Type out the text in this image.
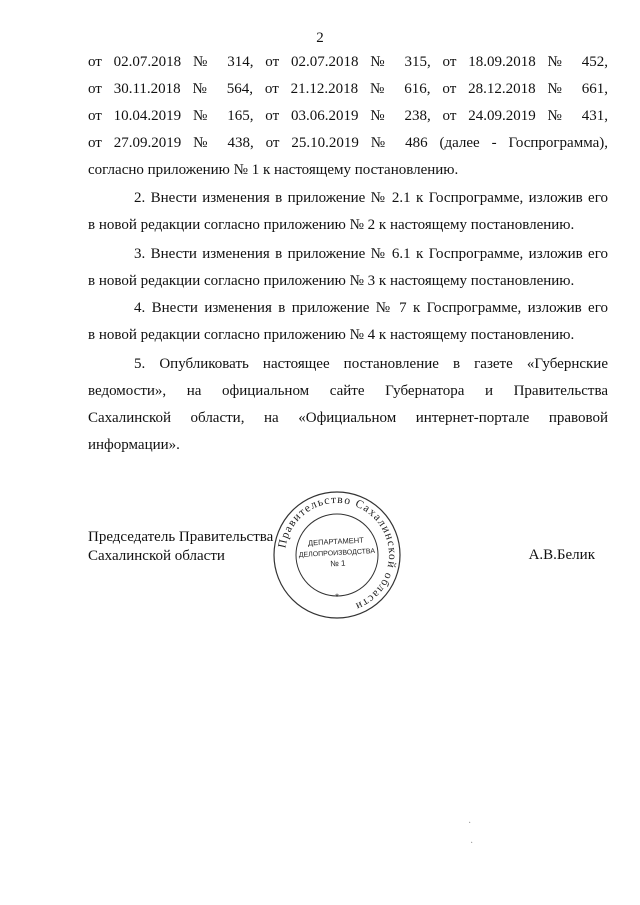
2
от 02.07.2018 № 314, от 02.07.2018 № 315, от 18.09.2018 № 452,
от 30.11.2018 № 564, от 21.12.2018 № 616, от 28.12.2018 № 661,
от 10.04.2019 № 165, от 03.06.2019 № 238, от 24.09.2019 № 431,
от 27.09.2019 № 438, от 25.10.2019 № 486 (далее - Госпрограмма),
согласно приложению № 1 к настоящему постановлению.
2. Внести изменения в приложение № 2.1 к Госпрограмме, изложив его
в новой редакции согласно приложению № 2 к настоящему постановлению.
3. Внести изменения в приложение № 6.1 к Госпрограмме, изложив его
в новой редакции согласно приложению № 3 к настоящему постановлению.
4. Внести изменения в приложение № 7 к Госпрограмме, изложив его
в новой редакции согласно приложению № 4 к настоящему постановлению.
5. Опубликовать настоящее постановление в газете «Губернские
ведомости», на официальном сайте Губернатора и Правительства
Сахалинской области, на «Официальном интернет-портале правовой
информации».
Председатель Правительства
Сахалинской области	А.В.Белик
Правительство Сахалинской области
*
ДЕПАРТАМЕНТ
ДЕЛОПРОИЗВОДСТВА
№ 1
·
·
